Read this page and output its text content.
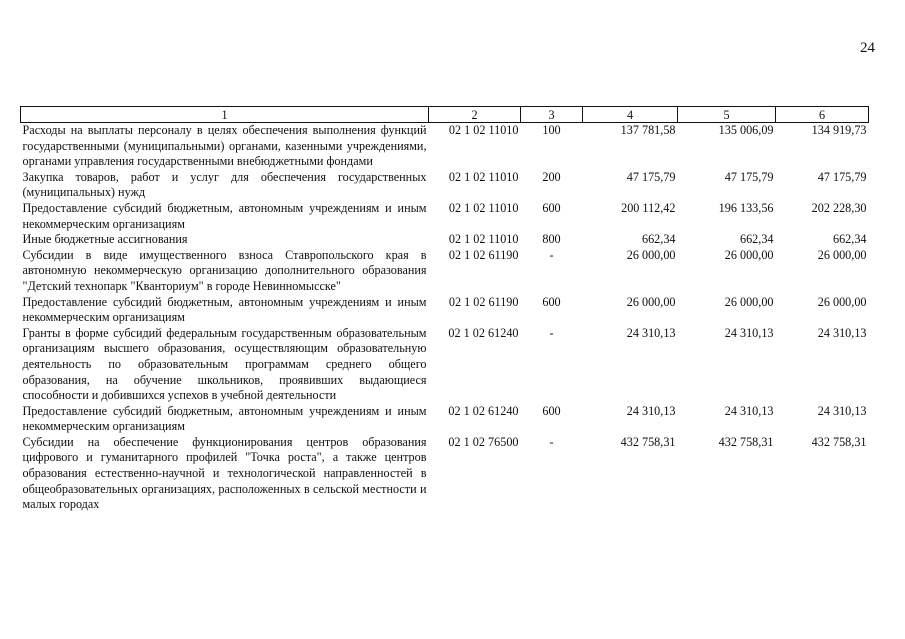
24
1	2	3	4	5	6
Расходы на выплаты персоналу в целях обеспечения выполнения функций государственными (муниципальными) органами, казенными учреждениями, органами управления государственными внебюджетными фондами	02 1 02 11010	100	137 781,58	135 006,09	134 919,73
Закупка товаров, работ и услуг для обеспечения государственных (муниципальных) нужд	02 1 02 11010	200	47 175,79	47 175,79	47 175,79
Предоставление субсидий бюджетным, автономным учреждениям и иным некоммерческим организациям	02 1 02 11010	600	200 112,42	196 133,56	202 228,30
Иные бюджетные ассигнования	02 1 02 11010	800	662,34	662,34	662,34
Субсидии в виде имущественного взноса Ставропольского края в автономную некоммерческую организацию дополнительного образования "Детский технопарк "Кванториум" в городе Невинномысске"	02 1 02 61190	-	26 000,00	26 000,00	26 000,00
Предоставление субсидий бюджетным, автономным учреждениям и иным некоммерческим организациям	02 1 02 61190	600	26 000,00	26 000,00	26 000,00
Гранты в форме субсидий федеральным государственным образовательным организациям высшего образования, осуществляющим образовательную деятельность по образовательным программам среднего общего образования, на обучение школьников, проявивших выдающиеся способности и добившихся успехов в учебной деятельности	02 1 02 61240	-	24 310,13	24 310,13	24 310,13
Предоставление субсидий бюджетным, автономным учреждениям и иным некоммерческим организациям	02 1 02 61240	600	24 310,13	24 310,13	24 310,13
Субсидии на обеспечение функционирования центров образования цифрового и гуманитарного профилей "Точка роста", а также центров образования естественно-научной и технологической направленностей в общеобразовательных организациях, расположенных в сельской местности и малых городах	02 1 02 76500	-	432 758,31	432 758,31	432 758,31
